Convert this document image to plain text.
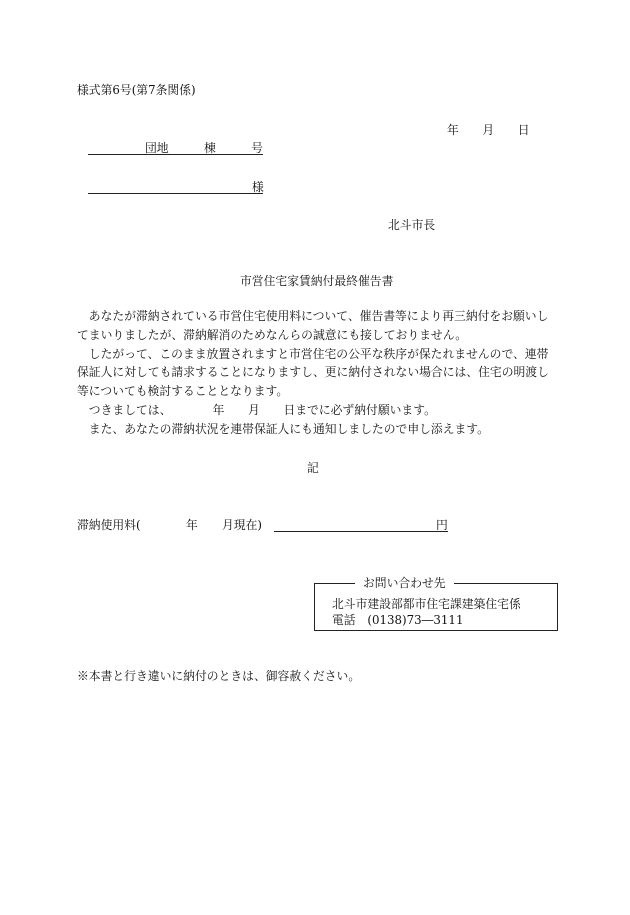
様式第6号(第7条関係)
年　　月　　日
団地　　　棟　　　号
様
北斗市長
市営住宅家賃納付最終催告書
　あなたが滞納されている市営住宅使用料について、催告書等により再三納付をお願いし
てまいりましたが、滞納解消のためなんらの誠意にも接しておりません。
　したがって、このまま放置されますと市営住宅の公平な秩序が保たれませんので、連帯
保証人に対しても請求することになりますし、更に納付されない場合には、住宅の明渡し
等についても検討することとなります。
　つきましては、　　　　年　　月　　日までに必ず納付願います。
　また、あなたの滞納状況を連帯保証人にも通知しましたので申し添えます。
記
滞納使用料(	年 月現在)	円
お問い合わせ先
北斗市建設部都市住宅課建築住宅係
電話　(0138)73―3111
※本書と行き違いに納付のときは、御容赦ください。
